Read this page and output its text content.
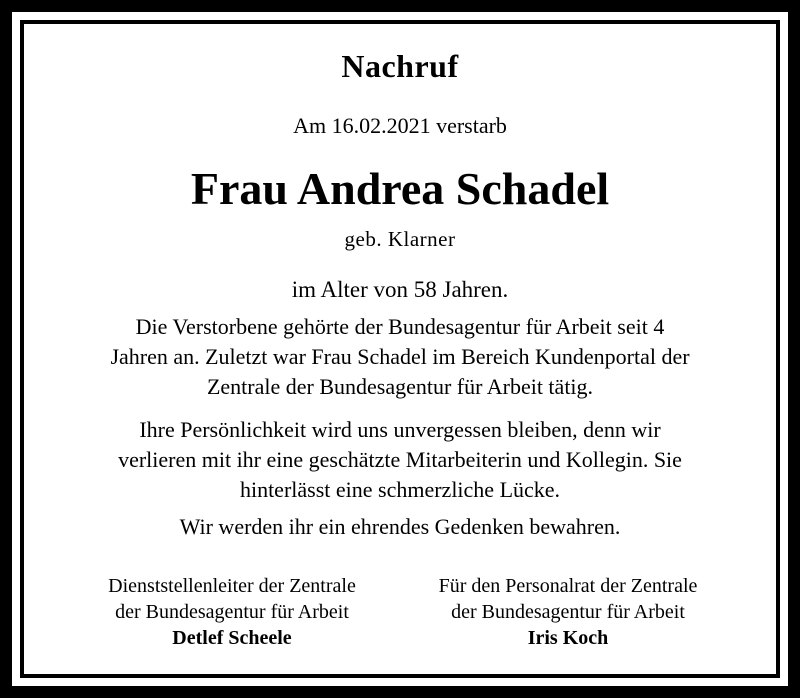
Nachruf

Am 16.02.2021 verstarb

Frau Andrea Schadel

geb. Klarner

im Alter von 58 Jahren.

Die Verstorbene gehörte der Bundesagentur für Arbeit seit 4
Jahren an. Zuletzt war Frau Schadel im Bereich Kundenportal der
Zentrale der Bundesagentur für Arbeit tätig.
Ihre Persönlichkeit wird uns unvergessen bleiben, denn wir
verlieren mit ihr eine geschätzte Mitarbeiterin und Kollegin. Sie
hinterlässt eine schmerzliche Lücke.

Wir werden ihr ein ehrendes Gedenken bewahren.

Dienststellenleiter der Zentrale
der Bundesagentur für Arbeit
Detlef Scheele
Für den Personalrat der Zentrale
der Bundesagentur für Arbeit
Iris Koch
